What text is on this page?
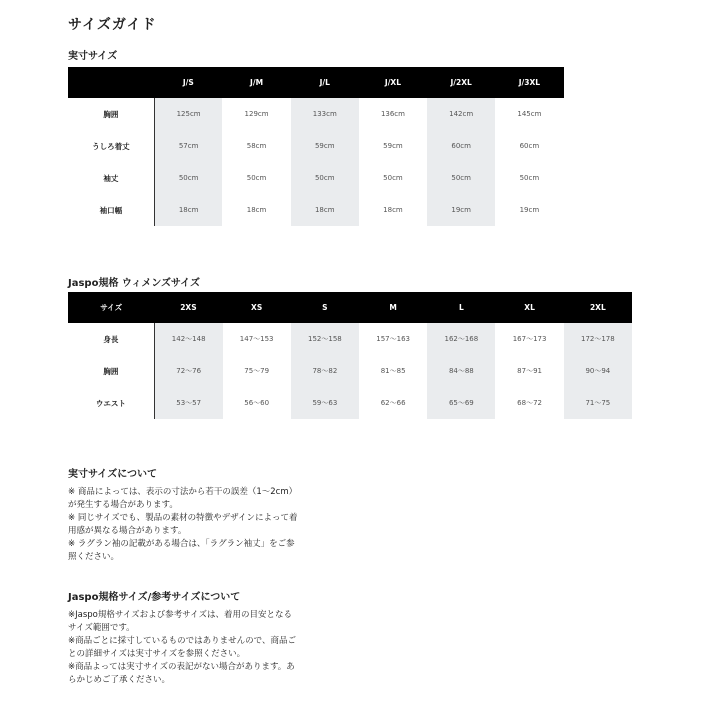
サイズガイド
実寸サイズ
	J/S	J/M	J/L	J/XL	J/2XL	J/3XL
胸囲	125cm	129cm	133cm	136cm	142cm	145cm
うしろ着丈	57cm	58cm	59cm	59cm	60cm	60cm
袖丈	50cm	50cm	50cm	50cm	50cm	50cm
袖口幅	18cm	18cm	18cm	18cm	19cm	19cm
Jaspo規格 ウィメンズサイズ
サイズ	2XS	XS	S	M	L	XL	2XL
身長	142〜148	147〜153	152〜158	157〜163	162〜168	167〜173	172〜178
胸囲	72〜76	75〜79	78〜82	81〜85	84〜88	87〜91	90〜94
ウエスト	53〜57	56〜60	59〜63	62〜66	65〜69	68〜72	71〜75
実寸サイズについて

※ 商品によっては、表示の寸法から若干の誤差（1〜2cm）

が発生する場合があります。

※ 同じサイズでも、製品の素材の特徴やデザインによって着

用感が異なる場合があります。

※ ラグラン袖の記載がある場合は、「ラグラン袖丈」をご参

照ください。

Jaspo規格サイズ/参考サイズについて

※Jaspo規格サイズおよび参考サイズは、着用の目安となる

サイズ範囲です。

※商品ごとに採寸しているものではありませんので、商品ご

との詳細サイズは実寸サイズを参照ください。

※商品よっては実寸サイズの表記がない場合があります。あ

らかじめご了承ください。
